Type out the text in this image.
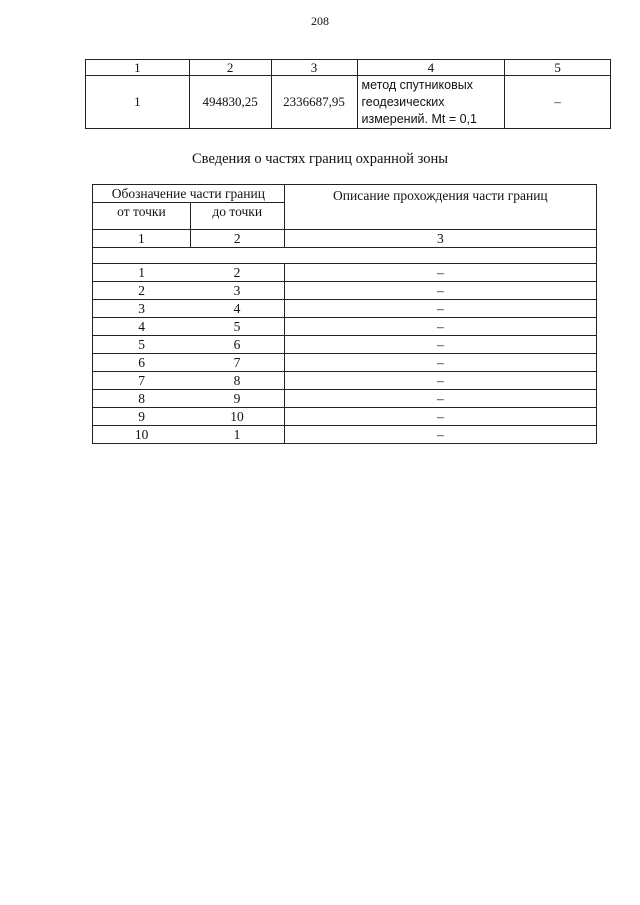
208
1	2	3	4	5
1	494830,25	2336687,95	метод спутниковых
геодезических
измерений. Mt = 0,1	–
Сведения о частях границ охранной зоны
Обозначение части границ		Описание прохождения части границ
от точки	до точки	
1	2	3

1	2	–
2	3	–
3	4	–
4	5	–
5	6	–
6	7	–
7	8	–
8	9	–
9	10	–
10	1	–
